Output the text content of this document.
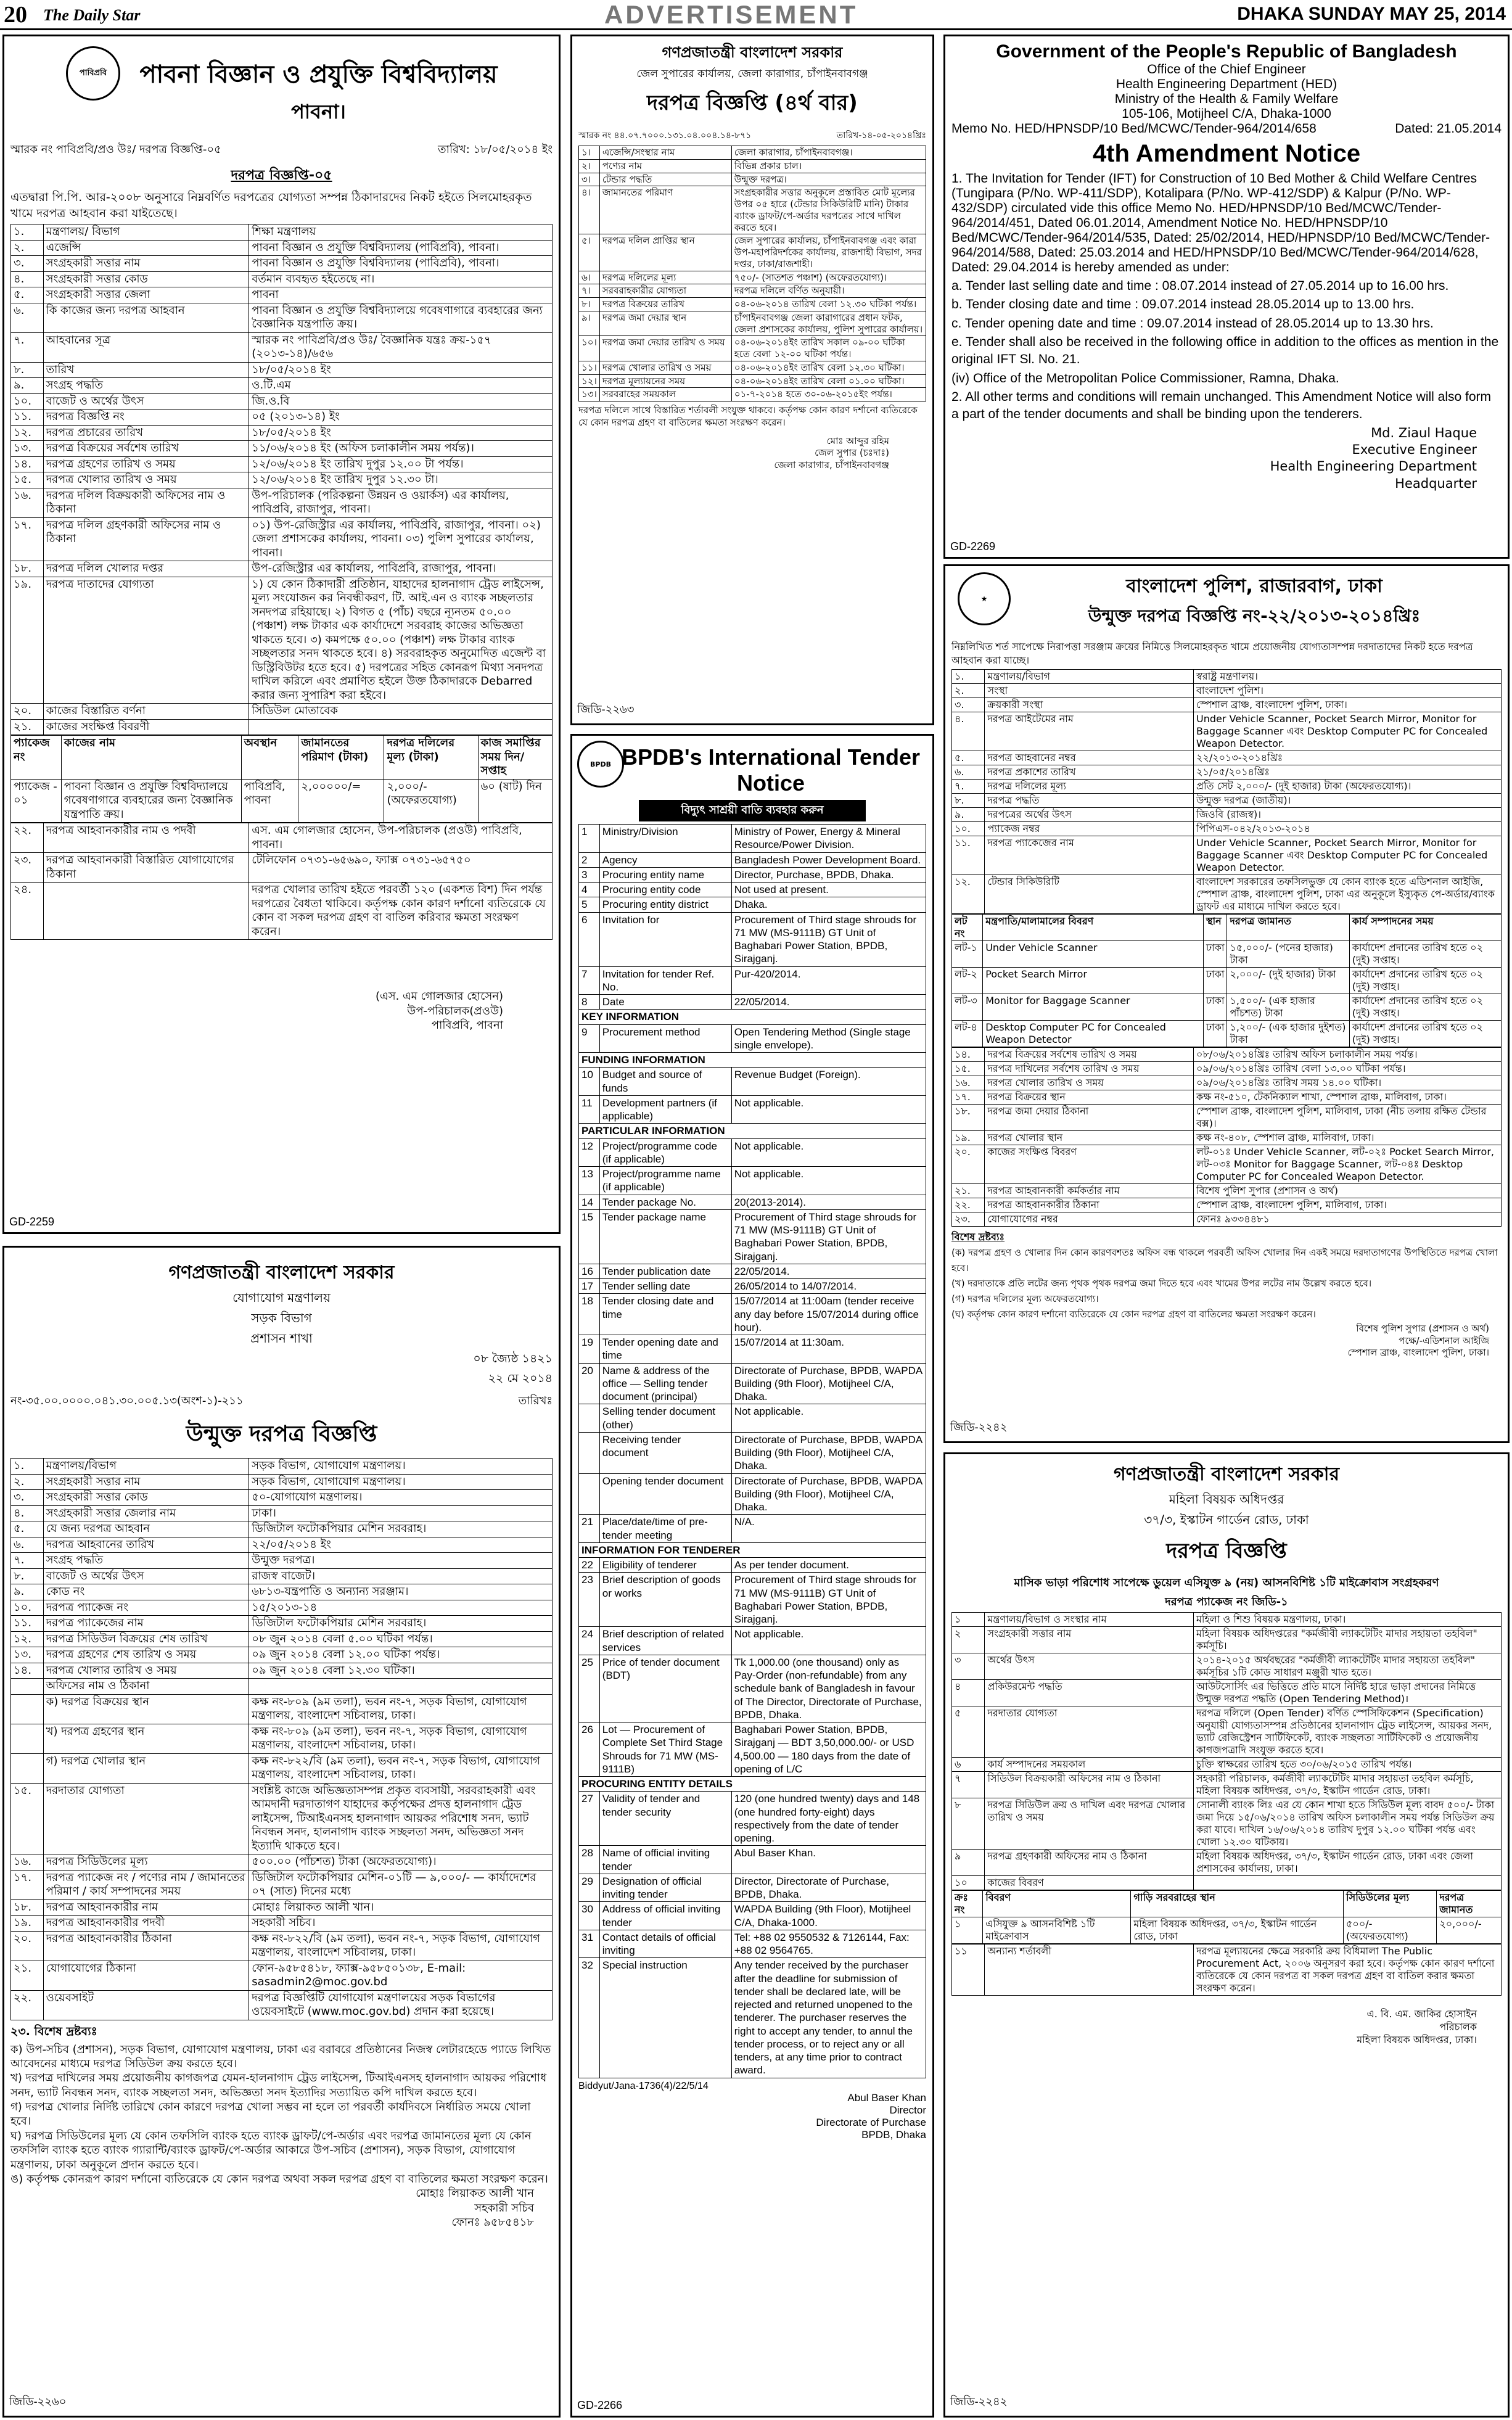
20 The Daily Star	ADVERTISEMENT	DHAKA SUNDAY MAY 25, 2014
পাবিপ্রবি	পাবনা বিজ্ঞান ও প্রযুক্তি বিশ্ববিদ্যালয়
পাবনা।
স্মারক নং পাবিপ্রবি/প্রও উঃ/ দরপত্র বিজ্ঞপ্তি-০৫	তারিখ: ১৮/০৫/২০১৪ ইং
দরপত্র বিজ্ঞপ্তি-০৫
এতদ্বারা পি.পি. আর-২০০৮ অনুসারে নিম্নবর্ণিত দরপত্রের যোগ্যতা সম্পন্ন ঠিকাদারদের নিকট হইতে সিলমোহরকৃত খামে দরপত্র আহবান করা যাইতেছে।
১.	মন্ত্রণালয়/ বিভাগ	শিক্ষা মন্ত্রণালয়
২.	এজেন্সি	পাবনা বিজ্ঞান ও প্রযুক্তি বিশ্ববিদ্যালয় (পাবিপ্রবি), পাবনা।
৩.	সংগ্রহকারী সত্তার নাম	পাবনা বিজ্ঞান ও প্রযুক্তি বিশ্ববিদ্যালয় (পাবিপ্রবি), পাবনা।
৪.	সংগ্রহকারী সত্তার কোড	বর্তমান ব্যবহৃত হইতেছে না।
৫.	সংগ্রহকারী সত্তার জেলা	পাবনা
৬.	কি কাজের জন্য দরপত্র আহবান	পাবনা বিজ্ঞান ও প্রযুক্তি বিশ্ববিদ্যালয়ে গবেষণাগারে ব্যবহারের জন্য বৈজ্ঞানিক যন্ত্রপাতি ক্রয়।
৭.	আহবানের সূত্র	স্মারক নং পাবিপ্রবি/প্রও উঃ/ বৈজ্ঞানিক যন্ত্রঃ ক্রয়-১৫৭ (২০১৩-১৪)/৬৫৬
৮.	তারিখ	১৮/০৫/২০১৪ ইং
৯.	সংগ্রহ পদ্ধতি	ও.টি.এম
১০.	বাজেট ও অর্থের উৎস	জি.ও.বি
১১.	দরপত্র বিজ্ঞপ্তি নং	০৫ (২০১৩-১৪) ইং
১২.	দরপত্র প্রচারের তারিখ	১৮/০৫/২০১৪ ইং
১৩.	দরপত্র বিক্রয়ের সর্বশেষ তারিখ	১১/০৬/২০১৪ ইং (অফিস চলাকালীন সময় পর্যন্ত)।
১৪.	দরপত্র গ্রহণের তারিখ ও সময়	১২/০৬/২০১৪ ইং তারিখ দুপুর ১২.০০ টা পর্যন্ত।
১৫.	দরপত্র খোলার তারিখ ও সময়	১২/০৬/২০১৪ ইং তারিখ দুপুর ১২.৩০ টা।
১৬.	দরপত্র দলিল বিক্রয়কারী অফিসের নাম ও ঠিকানা	উপ-পরিচালক (পরিকল্পনা উন্নয়ন ও ওয়ার্কস) এর কার্যালয়, পাবিপ্রবি, রাজাপুর, পাবনা।
১৭.	দরপত্র দলিল গ্রহণকারী অফিসের নাম ও ঠিকানা	০১) উপ-রেজিস্ট্রার এর কার্যালয়, পাবিপ্রবি, রাজাপুর, পাবনা। ০২) জেলা প্রশাসকের কার্যালয়, পাবনা। ০৩) পুলিশ সুপারের কার্যালয়, পাবনা।
১৮.	দরপত্র দলিল খোলার দপ্তর	উপ-রেজিস্ট্রার এর কার্যালয়, পাবিপ্রবি, রাজাপুর, পাবনা।
১৯.	দরপত্র দাতাদের যোগ্যতা	১) যে কোন ঠিকাদারী প্রতিষ্ঠান, যাহাদের হালনাগাদ ট্রেড লাইসেন্স, মূল্য সংযোজন কর নিবন্ধীকরণ, টি. আই.এন ও ব্যাংক সচ্ছলতার সনদপত্র রহিয়াছে। ২) বিগত ৫ (পাঁচ) বছরে ন্যূনতম ৫০.০০ (পঞ্চাশ) লক্ষ টাকার এক কার্যাদেশে সরবরাহ কাজের অভিজ্ঞতা থাকতে হবে। ৩) কমপক্ষে ৫০.০০ (পঞ্চাশ) লক্ষ টাকার ব্যাংক সচ্ছলতার সনদ থাকতে হবে। ৪) সরবরাহকৃত অনুমোদিত এজেন্ট বা ডিস্ট্রিবিউটর হতে হবে। ৫) দরপত্রের সহিত কোনরূপ মিথ্যা সনদপত্র দাখিল করিলে এবং প্রমাণিত হইলে উক্ত ঠিকাদারকে Debarred করার জন্য সুপারিশ করা হইবে।
২০.	কাজের বিস্তারিত বর্ণনা	সিডিউল মোতাবেক
২১.	কাজের সংক্ষিপ্ত বিবরণী	
প্যাকেজ নং	কাজের নাম	অবস্থান	জামানতের পরিমাণ (টাকা)	দরপত্র দলিলের মূল্য (টাকা)	কাজ সমাপ্তির সময় দিন/সপ্তাহ
প্যাকেজ - ০১	পাবনা বিজ্ঞান ও প্রযুক্তি বিশ্ববিদ্যালয়ে গবেষণাগারে ব্যবহারের জন্য বৈজ্ঞানিক যন্ত্রপাতি ক্রয়।	পাবিপ্রবি, পাবনা	২,০০০০০/=	২,০০০/- (অফেরতযোগ্য)	৬০ (ষাট) দিন
২২.	দরপত্র আহবানকারীর নাম ও পদবী	এস. এম গোলজার হোসেন, উপ-পরিচালক (প্রওউ) পাবিপ্রবি, পাবনা।
২৩.	দরপত্র আহবানকারী বিস্তারিত যোগাযোগের ঠিকানা	টেলিফোন ০৭৩১-৬৫৬৯০, ফ্যাক্স ০৭৩১-৬৫৭৫০
২৪.		দরপত্র খোলার তারিখ হইতে পরবর্তী ১২০ (একশত বিশ) দিন পর্যন্ত দরপত্রের বৈধতা থাকিবে। কর্তৃপক্ষ কোন কারণ দর্শানো ব্যতিরেকে যে কোন বা সকল দরপত্র গ্রহণ বা বাতিল করিবার ক্ষমতা সংরক্ষণ করেন।
(এস. এম গোলজার হোসেন)
উপ-পরিচালক(প্রওউ)
পাবিপ্রবি, পাবনা
GD-2259
গণপ্রজাতন্ত্রী বাংলাদেশ সরকার
জেল সুপারের কার্যালয়, জেলা কারাগার, চাঁপাইনবাবগঞ্জ
দরপত্র বিজ্ঞপ্তি (৪র্থ বার)
স্মারক নং ৪৪.০৭.৭০০০.১৩১.০৪.০০৪.১৪-৮৭১	তারিখ-১৪-০৫-২০১৪খ্রিঃ
১।	এজেন্সি/সংস্থার নাম	জেলা কারাগার, চাঁপাইনবাবগঞ্জ।
২।	পণ্যের নাম	বিভিন্ন প্রকার চাল।
৩।	টেন্ডার পদ্ধতি	উন্মুক্ত দরপত্র।
৪।	জামানতের পরিমাণ	সংগ্রহকারীর সত্তার অনুকূলে প্রস্তাবিত মোট মূল্যের উপর ০৫ হারে (টেন্ডার সিকিউরিটি মানি) টাকার ব্যাংক ড্রাফট/পে-অর্ডার দরপত্রের সাথে দাখিল করতে হবে।
৫।	দরপত্র দলিল প্রাপ্তির স্থান	জেল সুপারের কার্যালয়, চাঁপাইনবাবগঞ্জ এবং কারা উপ-মহাপরিদর্শকের কার্যালয়, রাজশাহী বিভাগ, সদর দপ্তর, ঢাকা/রাজশাহী।
৬।	দরপত্র দলিলের মূল্য	৭৫০/- (সাতশত পঞ্চাশ) (অফেরতযোগ্য)।
৭।	সরবরাহকারীর যোগ্যতা	দরপত্র দলিলে বর্ণিত অনুযায়ী।
৮।	দরপত্র বিক্রয়ের তারিখ	০৪-০৬-২০১৪ তারিখ বেলা ১২.৩০ ঘটিকা পর্যন্ত।
৯।	দরপত্র জমা দেয়ার স্থান	চাঁপাইনবাবগঞ্জ জেলা কারাগারের প্রধান ফটক, জেলা প্রশাসকের কার্যালয়, পুলিশ সুপারের কার্যালয়।
১০।	দরপত্র জমা দেয়ার তারিখ ও সময়	০৪-০৬-২০১৪ইং তারিখ সকাল ০৯-০০ ঘটিকা হতে বেলা ১২-০০ ঘটিকা পর্যন্ত।
১১।	দরপত্র খোলার তারিখ ও সময়	০৪-০৬-২০১৪ইং তারিখ বেলা ১২.৩০ ঘটিকা।
১২।	দরপত্র মূল্যায়নের সময়	০৪-০৬-২০১৪ইং তারিখ বেলা ০১.০০ ঘটিকা।
১৩।	সরবরাহের সময়কাল	০১-৭-২০১৪ হতে ৩০-০৬-২০১৫ইং পর্যন্ত।
দরপত্র দলিলে সাথে বিস্তারিত শর্তাবলী সংযুক্ত থাকবে। কর্তৃপক্ষ কোন কারণ দর্শানো ব্যতিরেকে যে কোন দরপত্র গ্রহণ বা বাতিলের ক্ষমতা সংরক্ষণ করেন।
মোঃ আব্দুর রহিম
জেল সুপার (চঃদাঃ)
জেলা কারাগার, চাঁপাইনবাবগঞ্জ
জিডি-২২৬৩
Government of the People's Republic of Bangladesh
Office of the Chief Engineer
Health Engineering Department (HED)
Ministry of the Health & Family Welfare
105-106, Motijheel C/A, Dhaka-1000
Memo No. HED/HPNSDP/10 Bed/MCWC/Tender-964/2014/658	Dated: 21.05.2014
4th Amendment Notice
1. The Invitation for Tender (IFT) for Construction of 10 Bed Mother & Child Welfare Centres (Tungipara (P/No. WP-411/SDP), Kotalipara (P/No. WP-412/SDP) & Kalpur (P/No. WP-432/SDP) circulated vide this office Memo No. HED/HPNSDP/10 Bed/MCWC/Tender-964/2014/451, Dated 06.01.2014, Amendment Notice No. HED/HPNSDP/10 Bed/MCWC/Tender-964/2014/535, Dated: 25/02/2014, HED/HPNSDP/10 Bed/MCWC/Tender-964/2014/588, Dated: 25.03.2014 and HED/HPNSDP/10 Bed/MCWC/Tender-964/2014/628, Dated: 29.04.2014 is hereby amended as under:
a. Tender last selling date and time : 08.07.2014 instead of 27.05.2014 up to 16.00 hrs.
b. Tender closing date and time : 09.07.2014 instead 28.05.2014 up to 13.00 hrs.
c. Tender opening date and time : 09.07.2014 instead of 28.05.2014 up to 13.30 hrs.
e. Tender shall also be received in the following office in addition to the offices as mention in the original IFT Sl. No. 21.
(iv) Office of the Metropolitan Police Commissioner, Ramna, Dhaka.
2. All other terms and conditions will remain unchanged. This Amendment Notice will also form a part of the tender documents and shall be binding upon the tenderers.
Md. Ziaul Haque
Executive Engineer
Health Engineering Department
Headquarter
GD-2269
★
বাংলাদেশ পুলিশ, রাজারবাগ, ঢাকা
উন্মুক্ত দরপত্র বিজ্ঞপ্তি নং-২২/২০১৩-২০১৪খ্রিঃ
নিম্নলিখিত শর্ত সাপেক্ষে নিরাপত্তা সরঞ্জাম ক্রয়ের নিমিত্তে সিলমোহরকৃত খামে প্রয়োজনীয় যোগ্যতাসম্পন্ন দরদাতাদের নিকট হতে দরপত্র আহবান করা যাচ্ছে।
১.	মন্ত্রণালয়/বিভাগ	স্বরাষ্ট্র মন্ত্রণালয়।
২.	সংস্থা	বাংলাদেশ পুলিশ।
৩.	ক্রয়কারী সংস্থা	স্পেশাল ব্রাঞ্চ, বাংলাদেশ পুলিশ, ঢাকা।
৪.	দরপত্র আইটেমের নাম	Under Vehicle Scanner, Pocket Search Mirror, Monitor for Baggage Scanner এবং Desktop Computer PC for Concealed Weapon Detector.
৫.	দরপত্র আহবানের নম্বর	২২/২০১৩-২০১৪খ্রিঃ
৬.	দরপত্র প্রকাশের তারিখ	২১/০৫/২০১৪খ্রিঃ
৭.	দরপত্র দলিলের মূল্য	প্রতি সেট ২,০০০/- (দুই হাজার) টাকা (অফেরতযোগ্য)।
৮.	দরপত্র পদ্ধতি	উন্মুক্ত দরপত্র (জাতীয়)।
৯.	দরপত্রের অর্থের উৎস	জিওবি (রাজস্ব)।
১০.	প্যাকেজ নম্বর	পিপিএস-০৪২/২০১৩-২০১৪
১১.	দরপত্র প্যাকেজের নাম	Under Vehicle Scanner, Pocket Search Mirror, Monitor for Baggage Scanner এবং Desktop Computer PC for Concealed Weapon Detector.
১২.	টেন্ডার সিকিউরিটি	বাংলাদেশ সরকারের তফসিলভুক্ত যে কোন ব্যাংক হতে এডিশনাল আইজি, স্পেশাল ব্রাঞ্চ, বাংলাদেশ পুলিশ, ঢাকা এর অনুকূলে ইস্যুকৃত পে-অর্ডার/ব্যাংক ড্রাফট এর মাধ্যমে দাখিল করতে হবে।
লট নং	মন্ত্রপাতি/মালামালের বিবরণ	স্থান	দরপত্র জামানত	কার্য সম্পাদনের সময়
লট-১	Under Vehicle Scanner	ঢাকা	১৫,০০০/- (পনের হাজার) টাকা	কার্যাদেশ প্রদানের তারিখ হতে ০২ (দুই) সপ্তাহ।
লট-২	Pocket Search Mirror	ঢাকা	২,০০০/- (দুই হাজার) টাকা	কার্যাদেশ প্রদানের তারিখ হতে ০২ (দুই) সপ্তাহ।
লট-৩	Monitor for Baggage Scanner	ঢাকা	১,৫০০/- (এক হাজার পাঁচশত) টাকা	কার্যাদেশ প্রদানের তারিখ হতে ০২ (দুই) সপ্তাহ।
লট-৪	Desktop Computer PC for Concealed Weapon Detector	ঢাকা	১,২০০/- (এক হাজার দুইশত) টাকা	কার্যাদেশ প্রদানের তারিখ হতে ০২ (দুই) সপ্তাহ।
১৪.	দরপত্র বিক্রয়ের সর্বশেষ তারিখ ও সময়	০৮/০৬/২০১৪খ্রিঃ তারিখ অফিস চলাকালীন সময় পর্যন্ত।
১৫.	দরপত্র দাখিলের সর্বশেষ তারিখ ও সময়	০৯/০৬/২০১৪খ্রিঃ তারিখ বেলা ১৩.০০ ঘটিকা পর্যন্ত।
১৬.	দরপত্র খোলার তারিখ ও সময়	০৯/০৬/২০১৪খ্রিঃ তারিখ সময় ১৪.০০ ঘটিকা।
১৭.	দরপত্র বিক্রয়ের স্থান	কক্ষ নং-৫১০, টেকনিক্যাল শাখা, স্পেশাল ব্রাঞ্চ, মালিবাগ, ঢাকা।
১৮.	দরপত্র জমা দেয়ার ঠিকানা	স্পেশাল ব্রাঞ্চ, বাংলাদেশ পুলিশ, মালিবাগ, ঢাকা (নীচ তলায় রক্ষিত টেন্ডার বক্স)।
১৯.	দরপত্র খোলার স্থান	কক্ষ নং-৪০৮, স্পেশাল ব্রাঞ্চ, মালিবাগ, ঢাকা।
২০.	কাজের সংক্ষিপ্ত বিবরণ	লট-০১ঃ Under Vehicle Scanner, লট-০২ঃ Pocket Search Mirror, লট-০৩ঃ Monitor for Baggage Scanner, লট-০৪ঃ Desktop Computer PC for Concealed Weapon Detector.
২১.	দরপত্র আহবানকারী কর্মকর্তার নাম	বিশেষ পুলিশ সুপার (প্রশাসন ও অর্থ)
২২.	দরপত্র আহবানকারীর ঠিকানা	স্পেশাল ব্রাঞ্চ, বাংলাদেশ পুলিশ, মালিবাগ, ঢাকা।
২৩.	যোগাযোগের নম্বর	ফোনঃ ৯৩৩৪৪৮১
বিশেষ দ্রষ্টব্যঃ
(ক) দরপত্র গ্রহণ ও খোলার দিন কোন কারণবশতঃ অফিস বন্ধ থাকলে পরবর্তী অফিস খোলার দিন একই সময়ে দরদাতাগণের উপস্থিতিতে দরপত্র খোলা হবে।
(খ) দরদাতাকে প্রতি লটের জন্য পৃথক পৃথক দরপত্র জমা দিতে হবে এবং খামের উপর লটের নাম উল্লেখ করতে হবে।
(গ) দরপত্র দলিলের মূল্য অফেরতযোগ্য।
(ঘ) কর্তৃপক্ষ কোন কারণ দর্শানো ব্যতিরেকে যে কোন দরপত্র গ্রহণ বা বাতিলের ক্ষমতা সংরক্ষণ করেন।
বিশেষ পুলিশ সুপার (প্রশাসন ও অর্থ)
পক্ষে/-এডিশনাল আইজি
স্পেশাল ব্রাঞ্চ, বাংলাদেশ পুলিশ, ঢাকা।
জিডি-২২৪২
BPDB BPDB's International Tender Notice
বিদ্যুৎ সাশ্রয়ী বাতি ব্যবহার করুন
1	Ministry/Division	Ministry of Power, Energy & Mineral Resource/Power Division.
2	Agency	Bangladesh Power Development Board.
3	Procuring entity name	Director, Purchase, BPDB, Dhaka.
4	Procuring entity code	Not used at present.
5	Procuring entity district	Dhaka.
6	Invitation for	Procurement of Third stage shrouds for 71 MW (MS-9111B) GT Unit of Baghabari Power Station, BPDB, Sirajganj.
7	Invitation for tender Ref. No.	Pur-420/2014.
8	Date	22/05/2014.
KEY INFORMATION		
9	Procurement method	Open Tendering Method (Single stage single envelope).
FUNDING INFORMATION		
10	Budget and source of funds	Revenue Budget (Foreign).
11	Development partners (if applicable)	Not applicable.
PARTICULAR INFORMATION		
12	Project/programme code (if applicable)	Not applicable.
13	Project/programme name (if applicable)	Not applicable.
14	Tender package No.	20(2013-2014).
15	Tender package name	Procurement of Third stage shrouds for 71 MW (MS-9111B) GT Unit of Baghabari Power Station, BPDB, Sirajganj.
16	Tender publication date	22/05/2014.
17	Tender selling date	26/05/2014 to 14/07/2014.
18	Tender closing date and time	15/07/2014 at 11:00am (tender receive any day before 15/07/2014 during office hour).
19	Tender opening date and time	15/07/2014 at 11:30am.
20	Name & address of the office — Selling tender document (principal)	Directorate of Purchase, BPDB, WAPDA Building (9th Floor), Motijheel C/A, Dhaka.
	Selling tender document (other)	Not applicable.
	Receiving tender document	Directorate of Purchase, BPDB, WAPDA Building (9th Floor), Motijheel C/A, Dhaka.
	Opening tender document	Directorate of Purchase, BPDB, WAPDA Building (9th Floor), Motijheel C/A, Dhaka.
21	Place/date/time of pre-tender meeting	N/A.
INFORMATION FOR TENDERER		
22	Eligibility of tenderer	As per tender document.
23	Brief description of goods or works	Procurement of Third stage shrouds for 71 MW (MS-9111B) GT Unit of Baghabari Power Station, BPDB, Sirajganj.
24	Brief description of related services	Not applicable.
25	Price of tender document (BDT)	Tk 1,000.00 (one thousand) only as Pay-Order (non-refundable) from any schedule bank of Bangladesh in favour of The Director, Directorate of Purchase, BPDB, Dhaka.
26	Lot — Procurement of Complete Set Third Stage Shrouds for 71 MW (MS-9111B)	Baghabari Power Station, BPDB, Sirajganj — BDT 3,50,000.00/- or USD 4,500.00 — 180 days from the date of opening of L/C
PROCURING ENTITY DETAILS		
27	Validity of tender and tender security	120 (one hundred twenty) days and 148 (one hundred forty-eight) days respectively from the date of tender opening.
28	Name of official inviting tender	Abul Baser Khan.
29	Designation of official inviting tender	Director, Directorate of Purchase, BPDB, Dhaka.
30	Address of official inviting tender	WAPDA Building (9th Floor), Motijheel C/A, Dhaka-1000.
31	Contact details of official inviting	Tel: +88 02 9550532 & 7126144, Fax: +88 02 9564765.
32	Special instruction	Any tender received by the purchaser after the deadline for submission of tender shall be declared late, will be rejected and returned unopened to the tenderer. The purchaser reserves the right to accept any tender, to annul the tender process, or to reject any or all tenders, at any time prior to contract award.
Biddyut/Jana-1736(4)/22/5/14
Abul Baser Khan
Director
Directorate of Purchase
BPDB, Dhaka
GD-2266
গণপ্রজাতন্ত্রী বাংলাদেশ সরকার
যোগাযোগ মন্ত্রণালয়
সড়ক বিভাগ
প্রশাসন শাখা
০৮ জ্যৈষ্ঠ ১৪২১
২২ মে ২০১৪
নং-৩৫.০০.০০০০.০৪১.৩০.০০৫.১৩(অংশ-১)-২১১	তারিখঃ
উন্মুক্ত দরপত্র বিজ্ঞপ্তি
১.	মন্ত্রণালয়/বিভাগ	সড়ক বিভাগ, যোগাযোগ মন্ত্রণালয়।
২.	সংগ্রহকারী সত্তার নাম	সড়ক বিভাগ, যোগাযোগ মন্ত্রণালয়।
৩.	সংগ্রহকারী সত্তার কোড	৫০-যোগাযোগ মন্ত্রণালয়।
৪.	সংগ্রহকারী সত্তার জেলার নাম	ঢাকা।
৫.	যে জন্য দরপত্র আহবান	ডিজিটাল ফটোকপিয়ার মেশিন সরবরাহ।
৬.	দরপত্র আহবানের তারিখ	২২/০৫/২০১৪ ইং
৭.	সংগ্রহ পদ্ধতি	উন্মুক্ত দরপত্র।
৮.	বাজেট ও অর্থের উৎস	রাজস্ব বাজেট।
৯.	কোড নং	৬৮১৩-যন্ত্রপাতি ও অন্যান্য সরঞ্জাম।
১০.	দরপত্র প্যাকেজ নং	১৫/২০১৩-১৪
১১.	দরপত্র প্যাকেজের নাম	ডিজিটাল ফটোকপিয়ার মেশিন সরবরাহ।
১২.	দরপত্র সিডিউল বিক্রয়ের শেষ তারিখ	০৮ জুন ২০১৪ বেলা ৫.০০ ঘটিকা পর্যন্ত।
১৩.	দরপত্র গ্রহণের শেষ তারিখ ও সময়	০৯ জুন ২০১৪ বেলা ১২.০০ ঘটিকা পর্যন্ত।
১৪.	দরপত্র খোলার তারিখ ও সময়	০৯ জুন ২০১৪ বেলা ১২.৩০ ঘটিকা।
	অফিসের নাম ও ঠিকানা	
	ক) দরপত্র বিক্রয়ের স্থান	কক্ষ নং-৮০৯ (৯ম তলা), ভবন নং-৭, সড়ক বিভাগ, যোগাযোগ মন্ত্রণালয়, বাংলাদেশ সচিবালয়, ঢাকা।
	খ) দরপত্র গ্রহণের স্থান	কক্ষ নং-৮০৯ (৯ম তলা), ভবন নং-৭, সড়ক বিভাগ, যোগাযোগ মন্ত্রণালয়, বাংলাদেশ সচিবালয়, ঢাকা।
	গ) দরপত্র খোলার স্থান	কক্ষ নং-৮২২/বি (৯ম তলা), ভবন নং-৭, সড়ক বিভাগ, যোগাযোগ মন্ত্রণালয়, বাংলাদেশ সচিবালয়, ঢাকা।
১৫.	দরদাতার যোগ্যতা	সংশ্লিষ্ট কাজে অভিজ্ঞতাসম্পন্ন প্রকৃত ব্যবসায়ী, সরবরাহকারী এবং আমদানী দরদাতাগণ যাহাদের কর্তৃপক্ষের প্রদত্ত হালনাগাদ ট্রেড লাইসেন্স, টিআইএনসহ হালনাগাদ আয়কর পরিশোধ সনদ, ভ্যাট নিবন্ধন সনদ, হালনাগাদ ব্যাংক সচ্ছলতা সনদ, অভিজ্ঞতা সনদ ইত্যাদি থাকতে হবে।
১৬.	দরপত্র সিডিউলের মূল্য	৫০০.০০ (পাঁচশত) টাকা (অফেরতযোগ্য)।
১৭.	দরপত্র প্যাকেজ নং / পণ্যের নাম / জামানতের পরিমাণ / কার্য সম্পাদনের সময়	ডিজিটাল ফটোকপিয়ার মেশিন-০১টি — ৯,০০০/- — কার্যাদেশের ০৭ (সাত) দিনের মধ্যে
১৮.	দরপত্র আহবানকারীর নাম	মোহাঃ লিয়াকত আলী খান।
১৯.	দরপত্র আহবানকারীর পদবী	সহকারী সচিব।
২০.	দরপত্র আহবানকারীর ঠিকানা	কক্ষ নং-৮২২/বি (৯ম তলা), ভবন নং-৭, সড়ক বিভাগ, যোগাযোগ মন্ত্রণালয়, বাংলাদেশ সচিবালয়, ঢাকা।
২১.	যোগাযোগের ঠিকানা	ফোন-৯৫৮৫৪১৮, ফ্যাক্স-৯৫৮৫০১৩৮, E-mail: sasadmin2@moc.gov.bd
২২.	ওয়েবসাইট	দরপত্র বিজ্ঞপ্তিটি যোগাযোগ মন্ত্রণালয়ের সড়ক বিভাগের ওয়েবসাইটে (www.moc.gov.bd) প্রদান করা হয়েছে।
২৩. বিশেষ দ্রষ্টব্যঃ
ক) উপ-সচিব (প্রশাসন), সড়ক বিভাগ, যোগাযোগ মন্ত্রণালয়, ঢাকা এর বরাবরে প্রতিষ্ঠানের নিজস্ব লেটারহেডে প্যাডে লিখিত আবেদনের মাধ্যমে দরপত্র সিডিউল ক্রয় করতে হবে।
খ) দরপত্র দাখিলের সময় প্রয়োজনীয় কাগজপত্র যেমন-হালনাগাদ ট্রেড লাইসেন্স, টিআইএনসহ হালনাগাদ আয়কর পরিশোধ সনদ, ভ্যাট নিবন্ধন সনদ, ব্যাংক সচ্ছলতা সনদ, অভিজ্ঞতা সনদ ইত্যাদির সত্যায়িত কপি দাখিল করতে হবে।
গ) দরপত্র খোলার নির্দিষ্ট তারিখে কোন কারণে দরপত্র খোলা সম্ভব না হলে তা পরবর্তী কার্যদিবসে নির্ধারিত সময়ে খোলা হবে।
ঘ) দরপত্র সিডিউলের মূল্য যে কোন তফসিলি ব্যাংক হতে ব্যাংক ড্রাফট/পে-অর্ডার এবং দরপত্র জামানতের মূল্য যে কোন তফসিলি ব্যাংক হতে ব্যাংক গ্যারান্টি/ব্যাংক ড্রাফট/পে-অর্ডার আকারে উপ-সচিব (প্রশাসন), সড়ক বিভাগ, যোগাযোগ মন্ত্রণালয়, ঢাকা অনুকূলে প্রদান করতে হবে।
ঙ) কর্তৃপক্ষ কোনরূপ কারণ দর্শানো ব্যতিরেকে যে কোন দরপত্র অথবা সকল দরপত্র গ্রহণ বা বাতিলের ক্ষমতা সংরক্ষণ করেন।
মোহাঃ লিয়াকত আলী খান
সহকারী সচিব
ফোনঃ ৯৫৮৫৪১৮
জিডি-২২৬০
গণপ্রজাতন্ত্রী বাংলাদেশ সরকার
মহিলা বিষয়ক অধিদপ্তর
৩৭/৩, ইস্কাটন গার্ডেন রোড, ঢাকা
দরপত্র বিজ্ঞপ্তি
মাসিক ভাড়া পরিশোধ সাপেক্ষে ডুয়েল এসিযুক্ত ৯ (নয়) আসনবিশিষ্ট ১টি মাইক্রোবাস সংগ্রহকরণ
দরপত্র প্যাকেজ নং জিডি-১
১	মন্ত্রণালয়/বিভাগ ও সংস্থার নাম	মহিলা ও শিশু বিষয়ক মন্ত্রণালয়, ঢাকা।
২	সংগ্রহকারী সত্তার নাম	মহিলা বিষয়ক অধিদপ্তরের "কর্মজীবী ল্যাকটেটিং মাদার সহায়তা তহবিল" কর্মসূচি।
৩	অর্থের উৎস	২০১৪-২০১৫ অর্থবছরের "কর্মজীবী ল্যাকটেটিং মাদার সহায়তা তহবিল" কর্মসূচির ১টি কোড সাধারণ মঞ্জুরী খাত হতে।
৪	প্রকিউরমেন্ট পদ্ধতি	আউটসোর্সিং এর ভিত্তিতে প্রতি মাসে নির্দিষ্ট হারে ভাড়া প্রদানের নিমিত্তে উন্মুক্ত দরপত্র পদ্ধতি (Open Tendering Method)।
৫	দরদাতার যোগ্যতা	দরপত্র দলিলে (Open Tender) বর্ণিত স্পেসিফিকেশন (Specification) অনুযায়ী যোগ্যতাসম্পন্ন প্রতিষ্ঠানের হালনাগাদ ট্রেড লাইসেন্স, আয়কর সনদ, ভ্যাট রেজিস্ট্রেশন সার্টিফিকেট, ব্যাংক সচ্ছলতা সার্টিফিকেট ও প্রয়োজনীয় কাগজপত্রাদি সংযুক্ত করতে হবে।
৬	কার্য সম্পাদনের সময়কাল	চুক্তি স্বাক্ষরের তারিখ হতে ৩০/০৬/২০১৫ তারিখ পর্যন্ত।
৭	সিডিউল বিক্রয়কারী অফিসের নাম ও ঠিকানা	সহকারী পরিচালক, কর্মজীবী ল্যাকটেটিং মাদার সহায়তা তহবিল কর্মসূচি, মহিলা বিষয়ক অধিদপ্তর, ৩৭/৩, ইস্কাটন গার্ডেন রোড, ঢাকা।
৮	দরপত্র সিডিউল ক্রয় ও দাখিল এবং দরপত্র খোলার তারিখ ও সময়	সোনালী ব্যাংক লিঃ এর যে কোন শাখা হতে সিডিউল মূল্য বাবদ ৫০০/- টাকা জমা দিয়ে ১৫/০৬/২০১৪ তারিখ অফিস চলাকালীন সময় পর্যন্ত সিডিউল ক্রয় করা যাবে। দাখিল ১৬/০৬/২০১৪ তারিখ দুপুর ১২.০০ ঘটিকা পর্যন্ত এবং খোলা ১২.৩০ ঘটিকায়।
৯	দরপত্র গ্রহণকারী অফিসের নাম ও ঠিকানা	মহিলা বিষয়ক অধিদপ্তর, ৩৭/৩, ইস্কাটন গার্ডেন রোড, ঢাকা এবং জেলা প্রশাসকের কার্যালয়, ঢাকা।
১০	কাজের বিবরণ	
ক্রঃ নং	বিবরণ	গাড়ি সরবরাহের স্থান	সিডিউলের মূল্য	দরপত্র জামানত
১	এসিযুক্ত ৯ আসনবিশিষ্ট ১টি মাইক্রোবাস	মহিলা বিষয়ক অধিদপ্তর, ৩৭/৩, ইস্কাটন গার্ডেন রোড, ঢাকা	৫০০/- (অফেরতযোগ্য)	২০,০০০/-
১১	অন্যান্য শর্তাবলী	দরপত্র মূল্যায়নের ক্ষেত্রে সরকারি ক্রয় বিধিমালা The Public Procurement Act, ২০০৬ অনুসরণ করা হবে। কর্তৃপক্ষ কোন কারণ দর্শানো ব্যতিরেকে যে কোন দরপত্র বা সকল দরপত্র গ্রহণ বা বাতিল করার ক্ষমতা সংরক্ষণ করেন।
এ. বি. এম. জাকির হোসাইন
পরিচালক
মহিলা বিষয়ক অধিদপ্তর, ঢাকা।
জিডি-২২৪২
